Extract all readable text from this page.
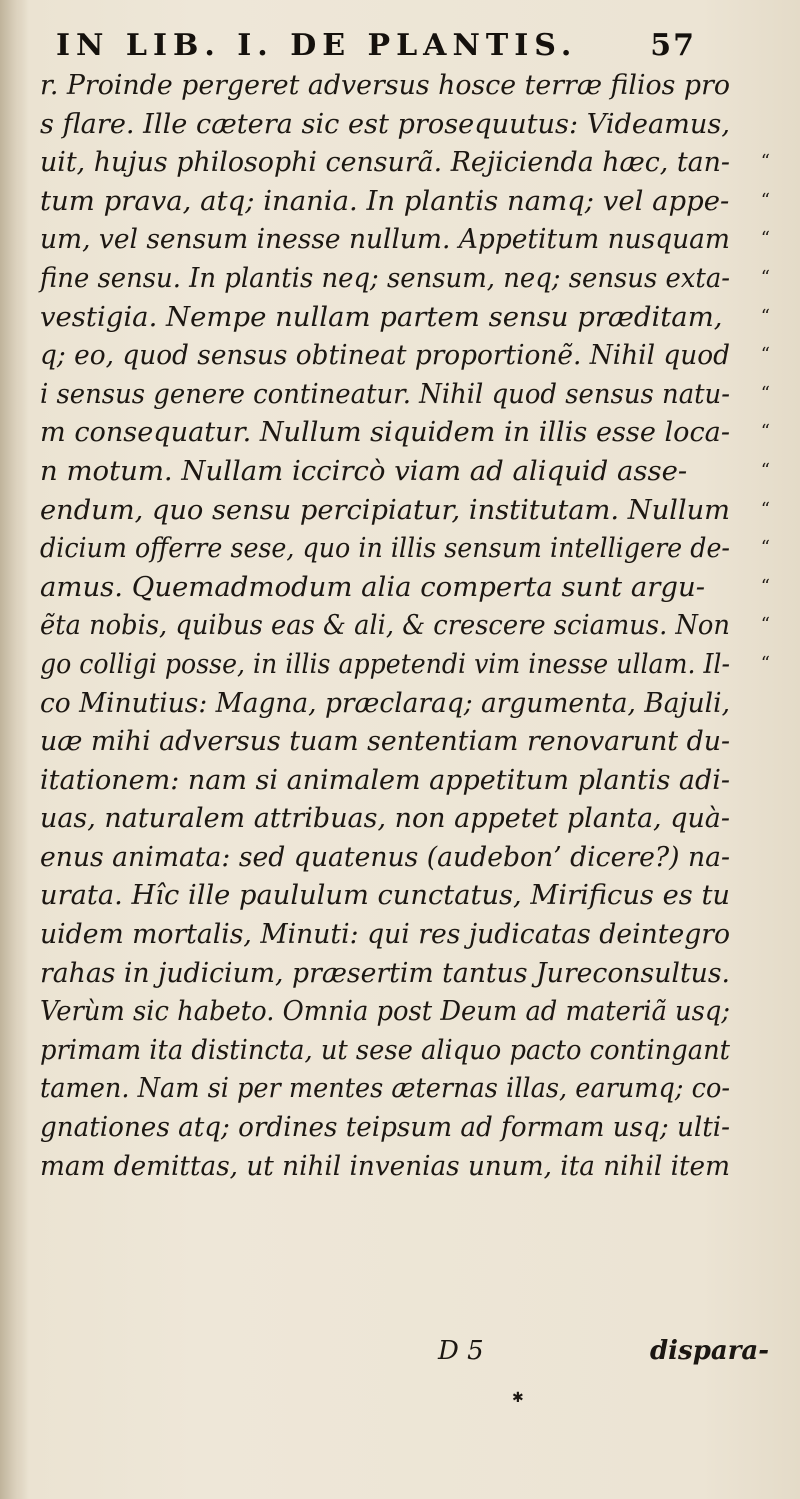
IN LIB. I. DE PLANTIS. 57
r. Proinde pergeret adversus hosce terræ filios pro
s flare. Ille cætera sic est prosequutus: Videamus,
uit, hujus philosophi censurã. Rejicienda hæc, tan- “
tum prava, atq; inania. In plantis namq; vel appe- “
um, vel sensum inesse nullum. Appetitum nusquam “
fine sensu. In plantis neq; sensum, neq; sensus exta- “
vestigia. Nempe nullam partem sensu præditam, “
q; eo, quod sensus obtineat proportionẽ. Nihil quod “
i sensus genere contineatur. Nihil quod sensus natu- “
m consequatur. Nullum siquidem in illis esse loca- “
n motum. Nullam iccircò viam ad aliquid asse-	“
endum, quo sensu percipiatur, institutam. Nullum “
dicium offerre sese, quo in illis sensum intelligere de- “
amus. Quemadmodum alia comperta sunt argu-	“
ẽta nobis, quibus eas & ali, & crescere sciamus. Non “
go colligi posse, in illis appetendi vim inesse ullam. Il- “
co Minutius: Magna, præclaraq; argumenta, Bajuli,
uæ mihi adversus tuam sententiam renovarunt du-
itationem: nam si animalem appetitum plantis adi-
uas, naturalem attribuas, non appetet planta, quà-
enus animata: sed quatenus (audebon’ dicere?) na-
urata. Hîc ille paululum cunctatus, Mirificus es tu
uidem mortalis, Minuti: qui res judicatas deintegro
rahas in judicium, præsertim tantus Jureconsultus.
Verùm sic habeto. Omnia post Deum ad materiã usq;
primam ita distincta, ut sese aliquo pacto contingant
tamen. Nam si per mentes æternas illas, earumq; co-
gnationes atq; ordines teipsum ad formam usq; ulti-
mam demittas, ut nihil invenias unum, ita nihil item
D 5	dispara-
✱
